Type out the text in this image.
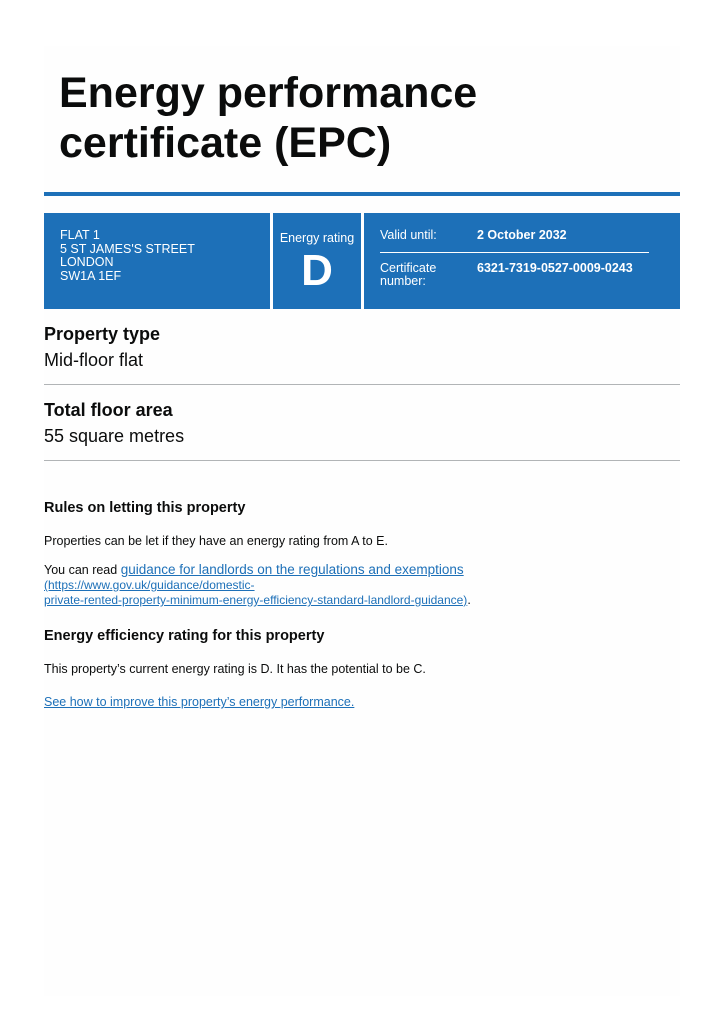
Energy performance certificate (EPC)
FLAT 1
5 ST JAMES'S STREET
LONDON
SW1A 1EF
Energy rating
D
Valid until:	2 October 2032
Certificate
number:
6321-7319-0527-0009-0243
Property type
Mid-floor flat
Total floor area
55 square metres
Rules on letting this property
Properties can be let if they have an energy rating from A to E.
You can read guidance for landlords on the regulations and exemptions (https://www.gov.uk/guidance/domestic-
private-rented-property-minimum-energy-efficiency-standard-landlord-guidance).
Energy efficiency rating for this property
This property’s current energy rating is D. It has the potential to be C.
See how to improve this property’s energy performance.
